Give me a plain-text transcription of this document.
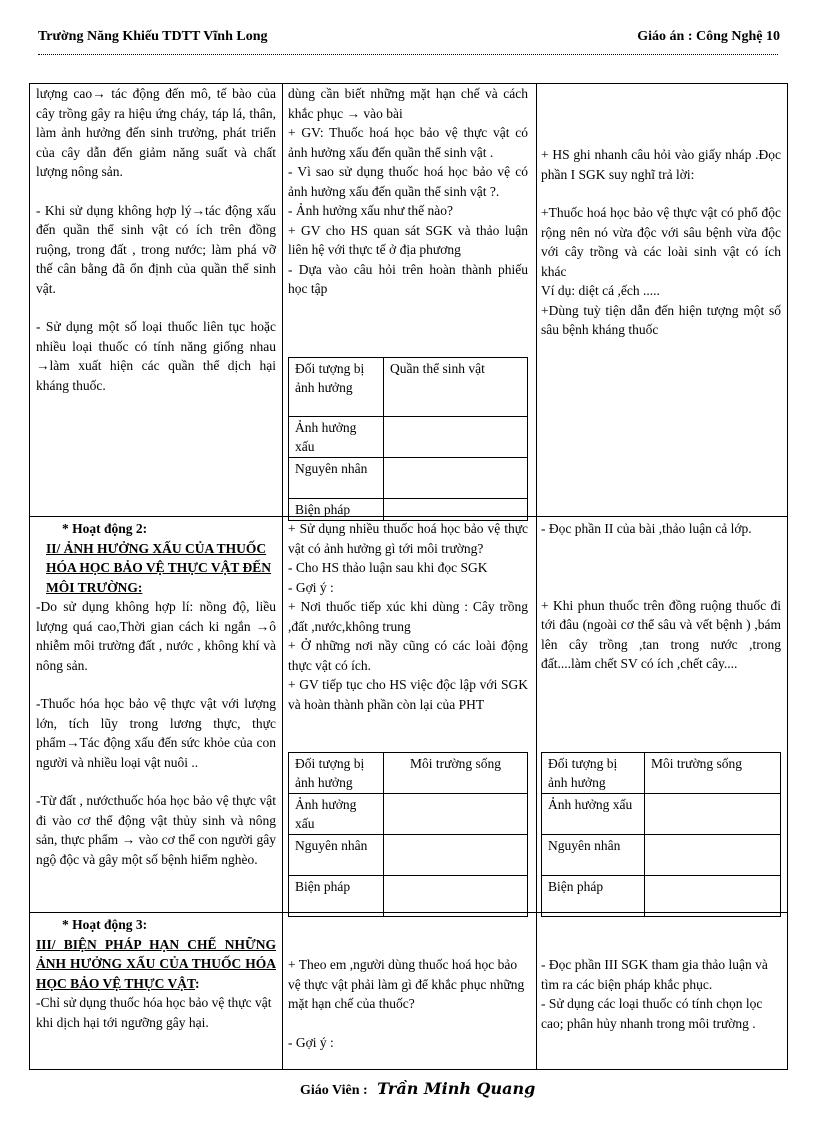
Trường Năng Khiếu TDTT Vĩnh Long	Giáo án : Công Nghệ 10

lượng cao→ tác động đến mô, tế bào của cây trồng gây ra hiệu ứng cháy, táp lá, thân, làm ảnh hưởng đến sinh trưởng, phát triển của cây dẫn đến giảm năng suất và chất lượng nông sản.

- Khi sử dụng không hợp lý→tác động xấu đến quần thể sinh vật có ích trên đồng ruộng, trong đất , trong nước; làm phá vỡ thế cân bằng đã ổn định của quần thể sinh vật.

- Sử dụng một số loại thuốc liên tục hoặc nhiều loại thuốc có tính năng giống nhau →làm xuất hiện các quần thể dịch hại kháng thuốc.

dùng cần biết những mặt hạn chế và cách khắc phục → vào bài

+ GV: Thuốc hoá học bảo vệ thực vật có ảnh hưởng xấu đến quần thể sinh vật .

- Vì sao sử dụng thuốc hoá học bảo vệ có ảnh hưởng xấu đến quần thể sinh vật ?.

- Ảnh hưởng xấu như thế nào?

+ GV cho HS quan sát SGK và thảo luận liên hệ với thực tế ở địa phương

- Dựa vào câu hỏi trên hoàn thành phiếu học tập

Đối tượng bị ảnh hưởng	Quần thể sinh vật
Ảnh hưởng xấu	
Nguyên nhân	
Biện pháp	

+ HS ghi nhanh câu hỏi vào giấy nháp .Đọc phần I SGK suy nghĩ trả lời:

+Thuốc hoá học bảo vệ thực vật có phổ độc rộng nên nó vừa độc với sâu bệnh vừa độc với cây trồng và các loài sinh vật có ích khác

Ví dụ: diệt cá ,ếch .....

+Dùng tuỳ tiện dẫn đến hiện tượng một số sâu bệnh kháng thuốc

* Hoạt động 2:

II/ ẢNH HƯỞNG XẤU CỦA THUỐC HÓA HỌC BẢO VỆ THỰC VẬT ĐẾN MÔI TRƯỜNG:

-Do sử dụng không hợp lí: nồng độ, liều lượng quá cao,Thời gian cách ki ngắn →ô nhiễm môi trường đất , nước , không khí và nông sản.

-Thuốc hóa học bảo vệ thực vật với lượng lớn, tích lũy trong lương thực, thực phẩm→Tác động xấu đến sức khỏe của con người và nhiều loại vật nuôi ..

-Từ đất , nướcthuốc hóa học bảo vệ thực vật đi vào cơ thể động vật thủy sinh và nông sản, thực phẩm → vào cơ thể con người gây ngộ độc và gây một số bệnh hiểm nghèo.

+ Sử dụng nhiều thuốc hoá học bảo vệ thực vật có ảnh hưởng gì tới môi trường?

- Cho HS thảo luận sau khi đọc SGK

- Gợi ý :

+ Nơi thuốc tiếp xúc khi dùng : Cây trồng ,đất ,nước,không trung

+ Ở những nơi nầy cũng có các loài động thực vật có ích.

+ GV tiếp tục cho HS việc độc lập với SGK và hoàn thành phần còn lại của PHT

Đối tượng bị ảnh hưởng	Môi trường sống
Ảnh hưởng xấu	
Nguyên nhân	
Biện pháp	

- Đọc phần II của bài ,thảo luận cả lớp.

+ Khi phun thuốc trên đồng ruộng thuốc đi tới đâu (ngoài cơ thể sâu và vết bệnh ) ,bám lên cây trồng ,tan trong nước ,trong đất....làm chết SV có ích ,chết cây....

Đối tượng bị ảnh hưởng	Môi trường sống
Ảnh hưởng xấu	
Nguyên nhân	
Biện pháp	

* Hoạt động 3:

III/ BIỆN PHÁP HẠN CHẾ NHỮNG ẢNH HƯỞNG XẤU CỦA THUỐC HÓA HỌC BẢO VỆ THỰC VẬT:

-Chỉ sử dụng thuốc hóa học bảo vệ thực vật khi dịch hại tới ngưỡng gây hại.

+ Theo em ,người dùng thuốc hoá học bảo vệ thực vật phải làm gì để khắc phục những mặt hạn chế của thuốc?

- Gợi ý :

- Đọc phần III SGK tham gia thảo luận và tìm ra các biện pháp khắc phục.

- Sử dụng các loại thuốc có tính chọn lọc cao; phân hủy nhanh trong môi trường .

Giáo Viên : Trần Minh Quang
